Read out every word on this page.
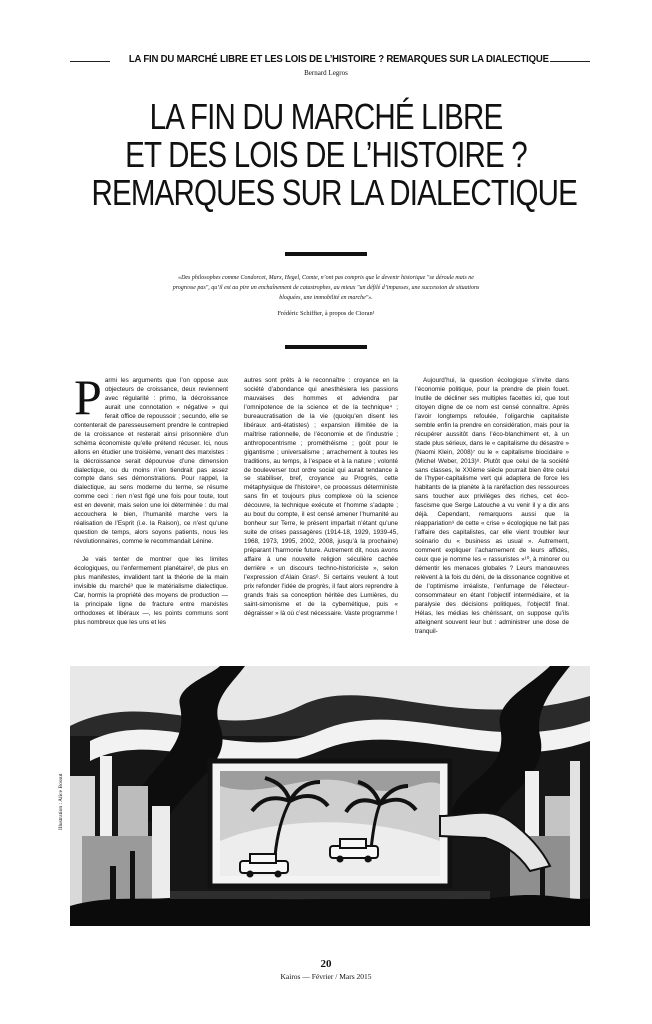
LA FIN DU MARCHÉ LIBRE ET LES LOIS DE L’HISTOIRE ? REMARQUES SUR LA DIALECTIQUE
Bernard Legros
LA FIN DU MARCHÉ LIBRE
ET DES LOIS DE L’HISTOIRE ?
REMARQUES SUR LA DIALECTIQUE
«Des philosophes comme Condorcet, Marx, Hegel, Comte, n’ont pas compris que le devenir historique "se déroule mais ne progresse pas", qu’il est au pire un enchaînement de catastrophes, au mieux "un défilé d’impasses, une succession de situations bloquées, une immobilité en marche"».
Frédéric Schiffter, à propos de Cioran¹

Parmi les arguments que l’on oppose aux objecteurs de croissance, deux reviennent avec régularité : primo, la décroissance aurait une connotation « négative » qui ferait office de repoussoir ; secundo, elle se contenterait de paresseusement prendre le contrepied de la croissance et resterait ainsi prisonnière d’un schéma économiste qu’elle prétend récuser. Ici, nous allons en étudier une troisième, venant des marxistes : la décroissance serait dépourvue d’une dimension dialectique, ou du moins n’en tiendrait pas assez compte dans ses démonstrations. Pour rappel, la dialectique, au sens moderne du terme, se résume comme ceci : rien n’est figé une fois pour toute, tout est en devenir, mais selon une loi déterminée : du mal accouchera le bien, l’humanité marche vers la réalisation de l’Esprit (i.e. la Raison), ce n’est qu’une question de temps, alors soyons patients, nous les révolutionnaires, comme le recommandait Lénine.

Je vais tenter de montrer que les limites écologiques, ou l’enfermement planétaire², de plus en plus manifestes, invalident tant la théorie de la main invisible du marché³ que le matérialisme dialectique. Car, hormis la propriété des moyens de production — la principale ligne de fracture entre marxistes orthodoxes et libéraux —, les points communs sont plus nombreux que les uns et les

autres sont prêts à le reconnaître : croyance en la société d’abondance qui anesthésiera les passions mauvaises des hommes et adviendra par l’omnipotence de la science et de la technique⁴ ; bureaucratisation de la vie (quoiqu’en disent les libéraux anti-étatistes) ; expansion illimitée de la maîtrise rationnelle, de l’économie et de l’industrie ; anthropocentrisme ; prométhéisme ; goût pour le gigantisme ; universalisme ; arrachement à toutes les traditions, au temps, à l’espace et à la nature ; volonté de bouleverser tout ordre social qui aurait tendance à se stabiliser, bref, croyance au Progrès, cette métaphysique de l’histoire⁵, ce processus déterministe sans fin et toujours plus complexe où la science découvre, la technique exécute et l’homme s’adapte ; au bout du compte, il est censé amener l’humanité au bonheur sur Terre, le présent imparfait n’étant qu’une suite de crises passagères (1914-18, 1929, 1939-45, 1968, 1973, 1995, 2002, 2008, jusqu’à la prochaine) préparant l’harmonie future. Autrement dit, nous avons affaire à une nouvelle religion séculière cachée derrière « un discours techno-historiciste », selon l’expression d’Alain Gras⁶. Si certains veulent à tout prix refonder l’idée de progrès, il faut alors reprendre à grands frais sa conception héritée des Lumières, du saint-simonisme et de la cybernétique, puis « dégraisser » là où c’est nécessaire. Vaste programme !

Aujourd’hui, la question écologique s’invite dans l’économie politique, pour la prendre de plein fouet. Inutile de décliner ses multiples facettes ici, que tout citoyen digne de ce nom est censé connaître. Après l’avoir longtemps refoulée, l’oligarchie capitaliste semble enfin la prendre en considération, mais pour la récupérer aussitôt dans l’éco-blanchiment et, à un stade plus sérieux, dans le « capitalisme du désastre » (Naomi Klein, 2008)⁷ ou le « capitalisme biocidaire » (Michel Weber, 2013)⁸. Plutôt que celui de la société sans classes, le XXIème siècle pourrait bien être celui de l’hyper-capitalisme vert qui adaptera de force les habitants de la planète à la raréfaction des ressources sans toucher aux privilèges des riches, cet éco-fascisme que Serge Latouche a vu venir il y a dix ans déjà. Cependant, remarquons aussi que la réappariation⁹ de cette « crise » écologique ne fait pas l’affaire des capitalistes, car elle vient troubler leur scénario du « business as usual ». Autrement, comment expliquer l’acharnement de leurs affidés, ceux que je nomme les « rassuristes »¹⁰, à minorer ou démentir les menaces globales ? Leurs manœuvres relèvent à la fois du déni, de la dissonance cognitive et de l’optimisme irréaliste, l’enfumage de l’électeur-consommateur en étant l’objectif intermédiaire, et la paralysie des décisions politiques, l’objectif final. Hélas, les médias les chérissant, on suppose qu’ils atteignent souvent leur but : administrer une dose de tranquil-

Illustration : Alice Bossut
20
Kairos — Février / Mars 2015
